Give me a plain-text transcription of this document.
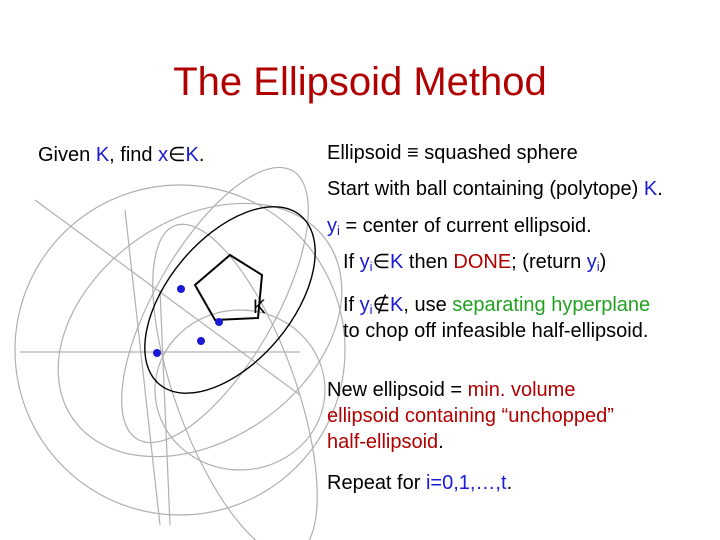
The Ellipsoid Method
K
Given K, find x∈K.	Ellipsoid ≡ squashed sphere
Start with ball containing (polytope) K.
$y_i$ = center of current ellipsoid.
If $y_i\in K$ then DONE; (return $y_i$)
If $y_i\notin K$, use separating hyperplane
to chop off infeasible half-ellipsoid.
New ellipsoid = min. volume
ellipsoid containing “unchopped”
half-ellipsoid.
Repeat for i=0,1,…,t.
